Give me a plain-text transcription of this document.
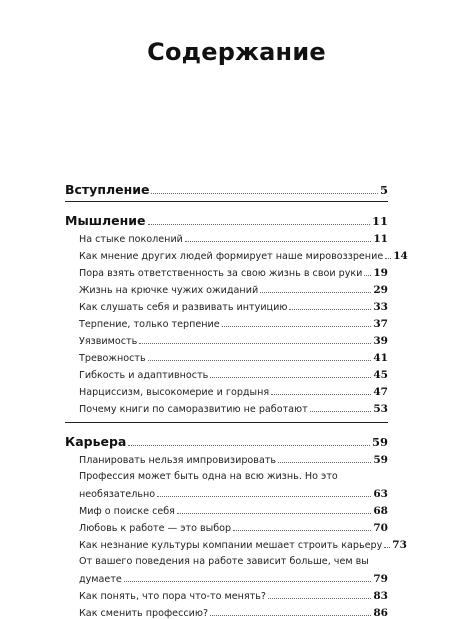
Содержание
Вступление	5
Мышление	11
На стыке поколений	11
Как мнение других людей формирует наше мировоззрение 14
Пора взять ответственность за свою жизнь в свои руки 19
Жизнь на крючке чужих ожиданий	29
Как слушать себя и развивать интуицию	33
Терпение, только терпение	37
Уязвимость	39
Тревожность	41
Гибкость и адаптивность	45
Нарциссизм, высокомерие и гордыня	47
Почему книги по саморазвитию не работают	53
Карьера	59
Планировать нельзя импровизировать	59
Профессия может быть одна на всю жизнь. Но это
необязательно	63
Миф о поиске себя	68
Любовь к работе — это выбор	70
Как незнание культуры компании мешает строить карьеру 73
От вашего поведения на работе зависит больше, чем вы
думаете	79
Как понять, что пора что-то менять?	83
Как сменить профессию?	86
